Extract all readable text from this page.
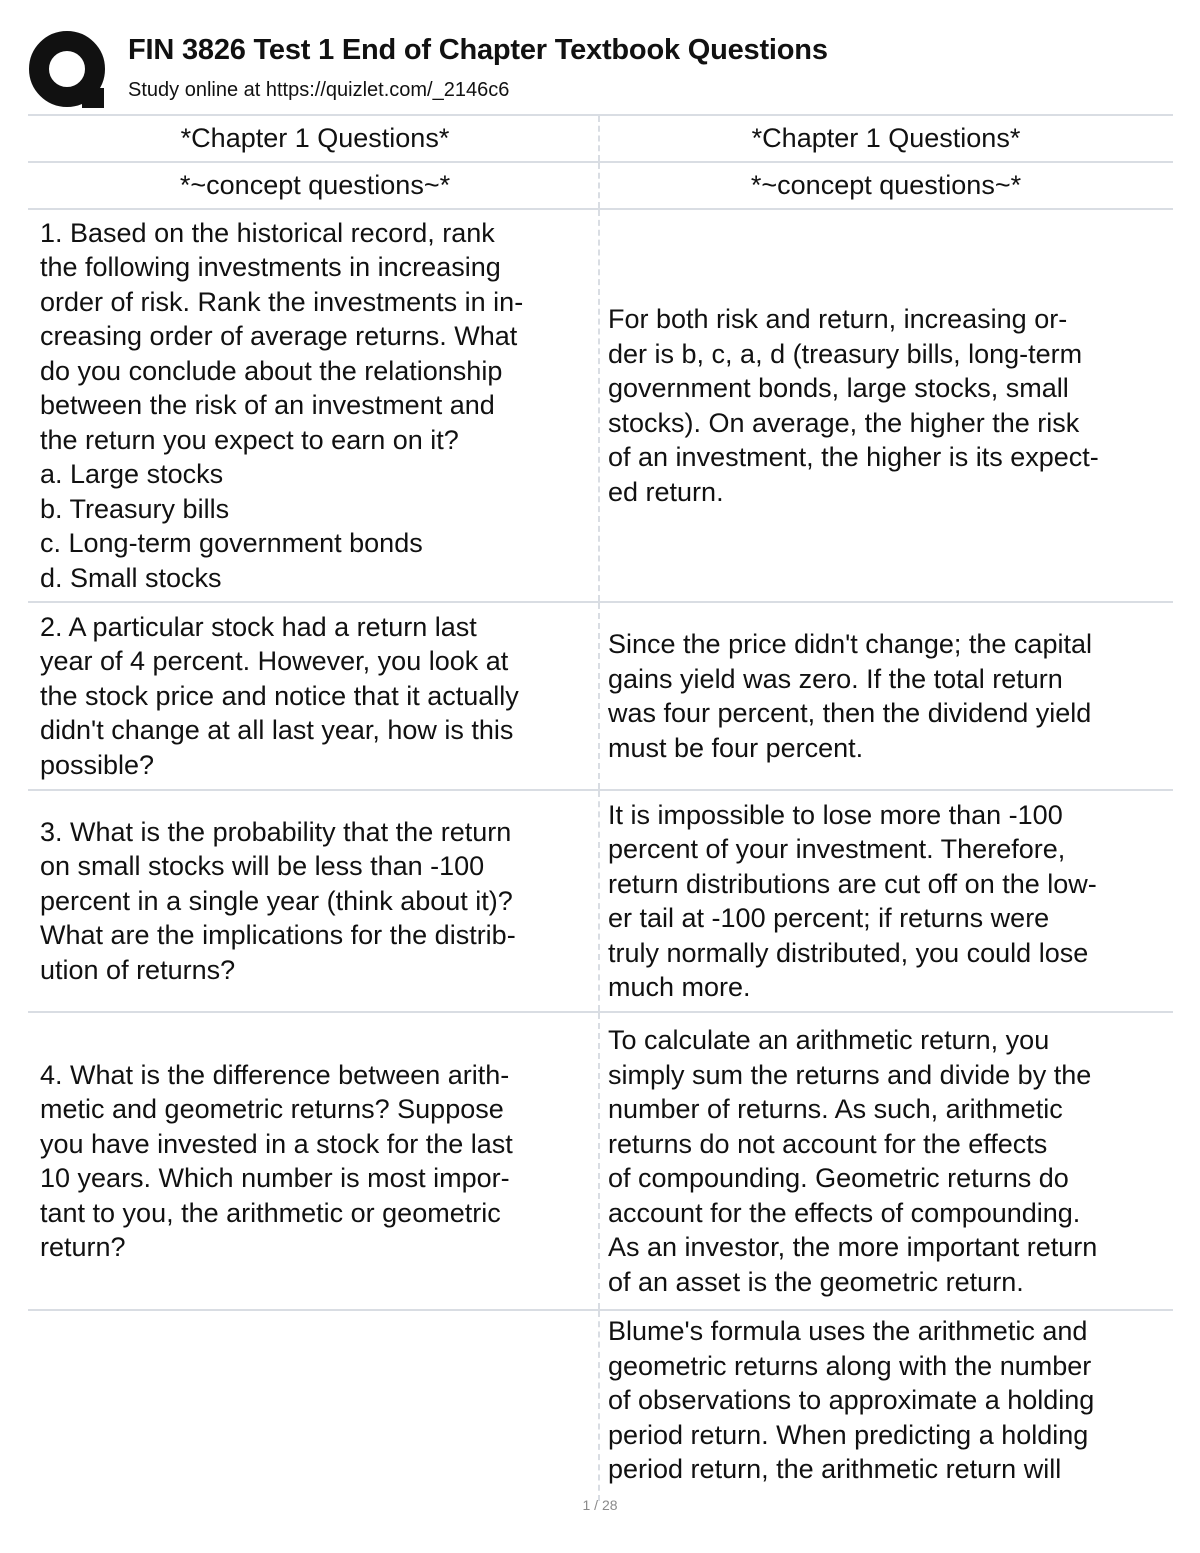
FIN 3826 Test 1 End of Chapter Textbook Questions
Study online at https://quizlet.com/_2146c6
*Chapter 1 Questions*	*Chapter 1 Questions*
*~concept questions~*	*~concept questions~*
1. Based on the historical record, rank
the following investments in increasing
order of risk. Rank the investments in in-
creasing order of average returns. What
do you conclude about the relationship
between the risk of an investment and
the return you expect to earn on it?
a. Large stocks
b. Treasury bills
c. Long-term government bonds
d. Small stocks
For both risk and return, increasing or-
der is b, c, a, d (treasury bills, long-term
government bonds, large stocks, small
stocks). On average, the higher the risk
of an investment, the higher is its expect-
ed return.
2. A particular stock had a return last
year of 4 percent. However, you look at
the stock price and notice that it actually
didn't change at all last year, how is this
possible?
Since the price didn't change; the capital
gains yield was zero. If the total return
was four percent, then the dividend yield
must be four percent.
3. What is the probability that the return
on small stocks will be less than -100
percent in a single year (think about it)?
What are the implications for the distrib-
ution of returns?
It is impossible to lose more than -100
percent of your investment. Therefore,
return distributions are cut off on the low-
er tail at -100 percent; if returns were
truly normally distributed, you could lose
much more.
4. What is the difference between arith-
metic and geometric returns? Suppose
you have invested in a stock for the last
10 years. Which number is most impor-
tant to you, the arithmetic or geometric
return?
To calculate an arithmetic return, you
simply sum the returns and divide by the
number of returns. As such, arithmetic
returns do not account for the effects
of compounding. Geometric returns do
account for the effects of compounding.
As an investor, the more important return
of an asset is the geometric return.
Blume's formula uses the arithmetic and
geometric returns along with the number
of observations to approximate a holding
period return. When predicting a holding
period return, the arithmetic return will
1 / 28
